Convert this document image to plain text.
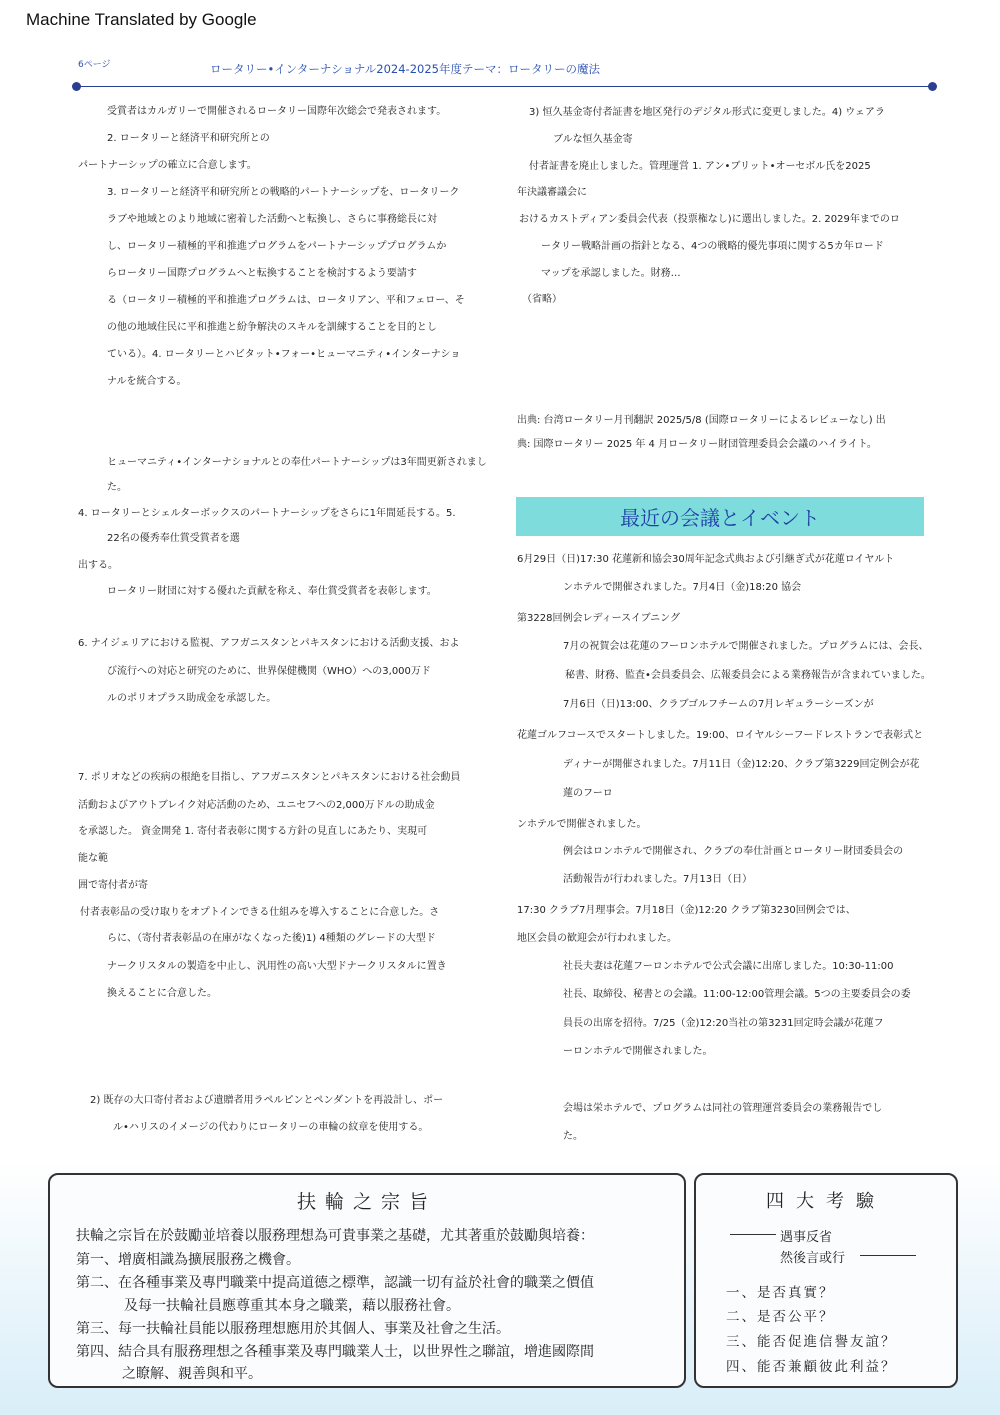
Machine Translated by Google
6ページ	ロータリー•インターナショナル2024-2025年度テーマ：ロータリーの魔法
受賞者はカルガリーで開催されるロータリー国際年次総会で発表されます。
2. ロータリーと経済平和研究所との
パートナーシップの確立に合意します。
3. ロータリーと経済平和研究所との戦略的パートナーシップを、ロータリーク
ラブや地域とのより地域に密着した活動へと転換し、さらに事務総長に対
し、ロータリー積極的平和推進プログラムをパートナーシッププログラムか
らロータリー国際プログラムへと転換することを検討するよう要請す
る（ロータリー積極的平和推進プログラムは、ロータリアン、平和フェロー、そ
の他の地域住民に平和推進と紛争解決のスキルを訓練することを目的とし
ている）。4. ロータリーとハビタット•フォー•ヒューマニティ•インターナショ
ナルを統合する。
ヒューマニティ•インターナショナルとの奉仕パートナーシップは3年間更新されまし
た。
4. ロータリーとシェルターボックスのパートナーシップをさらに1年間延長する。5.
22名の優秀奉仕賞受賞者を選
出する。
ロータリー財団に対する優れた貢献を称え、奉仕賞受賞者を表彰します。
6. ナイジェリアにおける監視、アフガニスタンとパキスタンにおける活動支援、およ
び流行への対応と研究のために、世界保健機関（WHO）への3,000万ド
ルのポリオプラス助成金を承認した。
7. ポリオなどの疾病の根絶を目指し、アフガニスタンとパキスタンにおける社会動員
活動およびアウトブレイク対応活動のため、ユニセフへの2,000万ドルの助成金
を承認した。 資金開発 1. 寄付者表彰に関する方針の見直しにあたり、実現可
能な範
囲で寄付者が寄
付者表彰品の受け取りをオプトインできる仕組みを導入することに合意した。さ
らに、（寄付者表彰品の在庫がなくなった後)1) 4種類のグレードの大型ド
ナークリスタルの製造を中止し、汎用性の高い大型ドナークリスタルに置き
換えることに合意した。
2) 既存の大口寄付者および遺贈者用ラペルピンとペンダントを再設計し、ポー
ル•ハリスのイメージの代わりにロータリーの車輪の紋章を使用する。
3) 恒久基金寄付者証書を地区発行のデジタル形式に変更しました。4) ウェアラ
ブルな恒久基金寄
付者証書を廃止しました。管理運営 1. アン•ブリット•オーセボル氏を2025
年決議審議会に
おけるカストディアン委員会代表（投票権なし)に選出しました。2. 2029年までのロ
ータリー戦略計画の指針となる、4つの戦略的優先事項に関する5カ年ロード
マップを承認しました。財務…
（省略）
出典: 台湾ロータリー月刊翻訳 2025/5/8 (国際ロータリーによるレビューなし) 出
典: 国際ロータリー 2025 年 4 月ロータリー財団管理委員会会議のハイライト。
最近の会議とイベント
6月29日（日)17:30 花蓮新和協会30周年記念式典および引継ぎ式が花蓮ロイヤルト
ンホテルで開催されました。7月4日（金)18:20 協会
第3228回例会レディースイブニング
7月の祝賀会は花蓮のフーロンホテルで開催されました。プログラムには、会長、
秘書、財務、監査•会員委員会、広報委員会による業務報告が含まれていました。
7月6日（日)13:00、クラブゴルフチームの7月レギュラーシーズンが
花蓮ゴルフコースでスタートしました。19:00、ロイヤルシーフードレストランで表彰式と
ディナーが開催されました。7月11日（金)12:20、クラブ第3229回定例会が花
蓮のフーロ
ンホテルで開催されました。
例会はロンホテルで開催され、クラブの奉仕計画とロータリー財団委員会の
活動報告が行われました。7月13日（日）
17:30 クラブ7月理事会。7月18日（金)12:20 クラブ第3230回例会では、
地区会員の歓迎会が行われました。
社長夫妻は花蓮フーロンホテルで公式会議に出席しました。10:30-11:00
社長、取締役、秘書との会議。11:00-12:00管理会議。5つの主要委員会の委
員長の出席を招待。7/25（金)12:20当社の第3231回定時会議が花蓮フ
ーロンホテルで開催されました。
会場は栄ホテルで、プログラムは同社の管理運営委員会の業務報告でし
た。
扶輪之宗旨
扶輪之宗旨在於鼓勵並培養以服務理想為可貴事業之基礎，尤其著重於鼓勵與培養：
第一、增廣相識為擴展服務之機會。
第二、在各種事業及專門職業中提高道德之標準，認識一切有益於社會的職業之價值
及每一扶輪社員應尊重其本身之職業，藉以服務社會。
第三、每一扶輪社員能以服務理想應用於其個人、事業及社會之生活。
第四、結合具有服務理想之各種事業及專門職業人士，以世界性之聯誼，增進國際間
之瞭解、親善與和平。
四大考驗
遇事反省
然後言或行
一、是否真實？
二、是否公平？
三、能否促進信譽友誼？
四、能否兼顧彼此利益？
